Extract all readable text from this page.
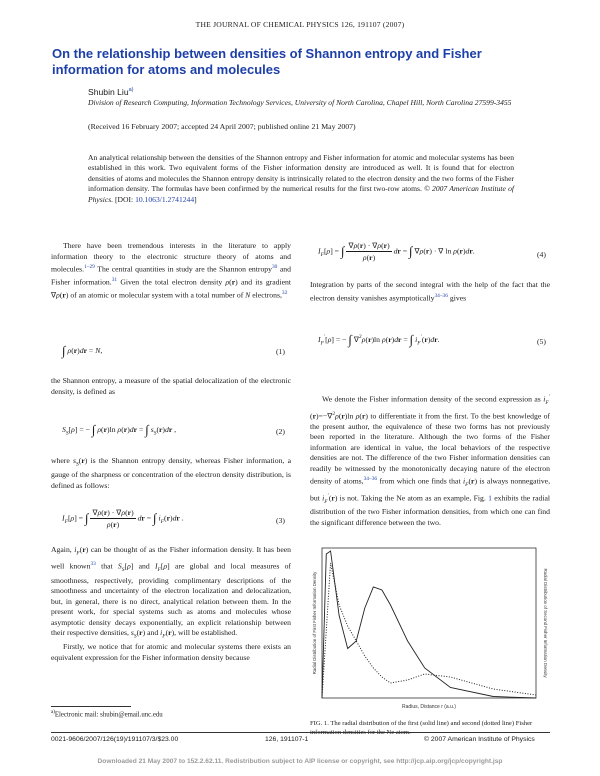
THE JOURNAL OF CHEMICAL PHYSICS 126, 191107 (2007)
On the relationship between densities of Shannon entropy and Fisher information for atoms and molecules
Shubin Liu$^{a)}$
Division of Research Computing, Information Technology Services, University of North Carolina, Chapel Hill, North Carolina 27599-3455
(Received 16 February 2007; accepted 24 April 2007; published online 21 May 2007)
An analytical relationship between the densities of the Shannon entropy and Fisher information for atomic and molecular systems has been established in this work. Two equivalent forms of the Fisher information density are introduced as well. It is found that for electron densities of atoms and molecules the Shannon entropy density is intrinsically related to the electron density and the two forms of the Fisher information density. The formulas have been confirmed by the numerical results for the first two-row atoms. © 2007 American Institute of Physics. [DOI: 10.1063/1.2741244]

There have been tremendous interests in the literature to apply information theory to the electronic structure theory of atoms and molecules.$^{1-29}$ The central quantities in study are the Shannon entropy$^{30}$ and Fisher information.$^{31}$ Given the total electron density ρ(r) and its gradient ∇ρ(r) of an atomic or molecular system with a total number of N electrons,$^{32}$

∫ ρ(r)dr = N,	(1)

the Shannon entropy, a measure of the spatial delocalization of the electronic density, is defined as

$S_S[\rho]$ = − ∫ ρ(r)ln ρ(r)dr = ∫ $s_S(r)dr$ ,	(2)

where $s_S(r)$ is the Shannon entropy density, whereas Fisher information, a gauge of the sharpness or concentration of the electron density distribution, is defined as follows:

$I_F[\rho]$ = ∫ $\frac{\nabla\rho(r) \cdot \nabla\rho(r)}{\rho(r)}$ dr = ∫ $i_F(r)dr$ .	(3)

Again, $i_F(r)$ can be thought of as the Fisher information density. It has been well known$^{33}$ that $S_S[\rho]$ and $I_F[\rho]$ are global and local measures of smoothness, respectively, providing complimentary descriptions of the smoothness and uncertainty of the electron localization and delocalization, but, in general, there is no direct, analytical relation between them. In the present work, for special systems such as atoms and molecules whose asymptotic density decays exponentially, an explicit relationship between their respective densities, $s_S(r)$ and $i_F(r)$, will be established.

Firstly, we notice that for atomic and molecular systems there exists an equivalent expression for the Fisher information density because

$^{a)}$Electronic mail: shubin@email.unc.edu
$I_F[\rho]$ = ∫ $\frac{\nabla\rho(r) \cdot \nabla\rho(r)}{\rho(r)}$ dr = ∫ ∇ρ(r) · ∇ ln ρ(r)dr.	(4)

Integration by parts of the second integral with the help of the fact that the electron density vanishes asymptotically$^{34-36}$ gives

$I_F'[\rho]$ = − ∫ ∇$^2$ρ(r)ln ρ(r)dr = ∫ $i_F'(r)dr$.	(5)

We denote the Fisher information density of the second expression as $i_F'(r)=-\nabla^2\rho(r)\ln$ ρ(r) to differentiate it from the first. To the best knowledge of the present author, the equivalence of these two forms has not previously been reported in the literature. Although the two forms of the Fisher information are identical in value, the local behaviors of the respective densities are not. The difference of the two Fisher information densities can readily be witnessed by the monotonically decaying nature of the electron density of atoms,$^{34-36}$ from which one finds that $i_F(r)$ is always nonnegative, but $i_F'(r)$ is not. Taking the Ne atom as an example, Fig. 1 exhibits the radial distribution of the two Fisher information densities, from which one can find the significant difference between the two.

Radius, Distance r (a.u.)
Radial Distribution of First Fisher Information Density	Radial Distribution of Second Fisher Information Density
FIG. 1. The radial distribution of the first (solid line) and second (dotted line) Fisher information densities for the Ne atom.
0021-9606/2007/126(19)/191107/3/$23.00	126, 191107-1	© 2007 American Institute of Physics
Downloaded 21 May 2007 to 152.2.62.11. Redistribution subject to AIP license or copyright, see http://jcp.aip.org/jcp/copyright.jsp
